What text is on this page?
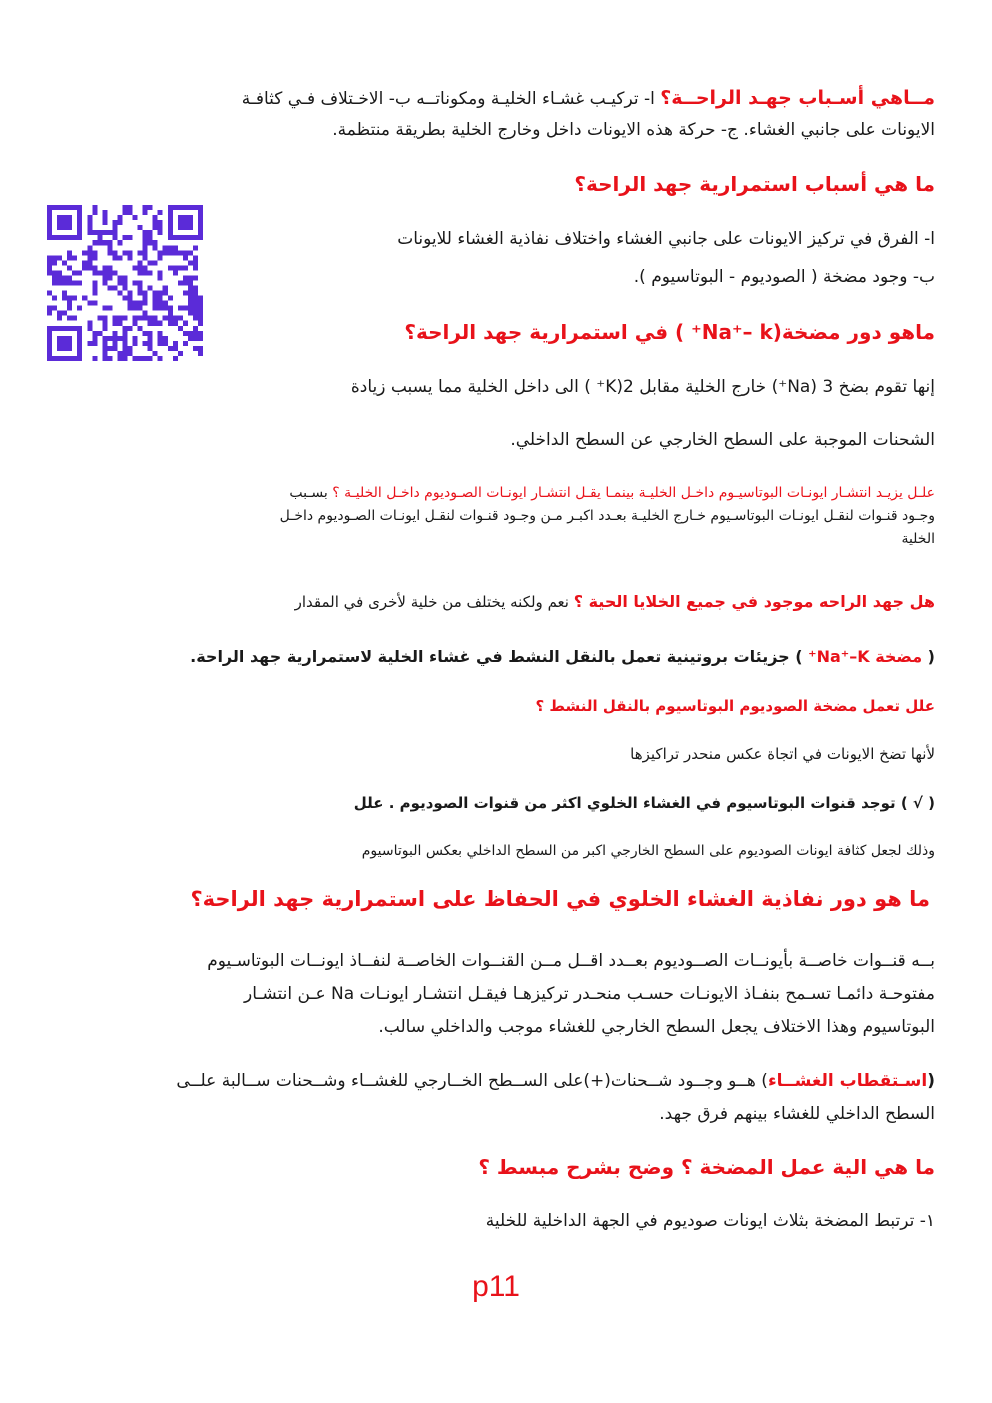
مــاهي أسـباب جهـد الراحــة؟ ا- تركيـب غشـاء الخليـة ومكوناتــه ب- الاخـتلاف فـي كثافـة
الايونات على جانبي الغشاء. ج- حركة هذه الايونات داخل وخارج الخلية بطريقة منتظمة.
ما هي أسباب استمرارية جهد الراحة؟
ا- الفرق في تركيز الايونات على جانبي الغشاء واختلاف نفاذية الغشاء للايونات
ب- وجود مضخة ( الصوديوم - البوتاسيوم ).
ماهو دور مضخة(Na⁺– k⁺ ) في استمرارية جهد الراحة؟
إنها تقوم بضخ 3 (Na⁺) خارج الخلية مقابل 2(K⁺ ) الى داخل الخلية مما يسبب زيادة
الشحنات الموجبة على السطح الخارجي عن السطح الداخلي.
علـل يزيـد انتشـار ايونـات البوتاسيـوم داخـل الخليـة بينمـا يقـل انتشـار ايونـات الصـوديوم داخـل الخليـة ؟ بسـبب
وجـود قنـوات لنقـل ايونـات البوتاسـيوم خـارج الخليـة بعـدد اكبـر مـن وجـود قنـوات لنقـل ايونـات الصـوديوم داخـل
الخلية
هل جهد الراحه موجود في جميع الخلايا الحية ؟ نعم ولكنه يختلف من خلية لأخرى في المقدار
( مضخة Na⁺–K⁺ ) جزيئات بروتينية تعمل بالنقل النشط في غشاء الخلية لاستمرارية جهد الراحة.
علل تعمل مضخة الصوديوم البوتاسيوم بالنقل النشط ؟
لأنها تضخ الايونات في اتجاة عكس منحدر تراكيزها
( √ ) توجد قنوات البوتاسيوم في الغشاء الخلوي اكثر من قنوات الصوديوم . علل
وذلك لجعل كثافة ايونات الصوديوم على السطح الخارجي اكبر من السطح الداخلي بعكس البوتاسيوم
ما هو دور نفاذية الغشاء الخلوي في الحفاظ على استمرارية جهد الراحة؟
بــه قنــوات خاصــة بأيونــات الصــوديوم بعــدد اقــل مــن القنــوات الخاصــة لنفــاذ ايونــات البوتاسـيوم
مفتوحـة دائمـا تسـمح بنفـاذ الايونـات حسـب منحـدر تركيزهـا فيقـل انتشـار ايونـات Na عـن انتشـار
البوتاسيوم وهذا الاختلاف يجعل السطح الخارجي للغشاء موجب والداخلي سالب.
(اسـتقطاب الغشــاء) هــو وجــود شــحنات(+)على الســطح الخــارجي للغشــاء وشــحنات ســالبة علــى
السطح الداخلي للغشاء بينهم فرق جهد.
ما هي الية عمل المضخة ؟ وضح بشرح مبسط ؟
١- ترتبط المضخة بثلاث ايونات صوديوم في الجهة الداخلية للخلية
p11
